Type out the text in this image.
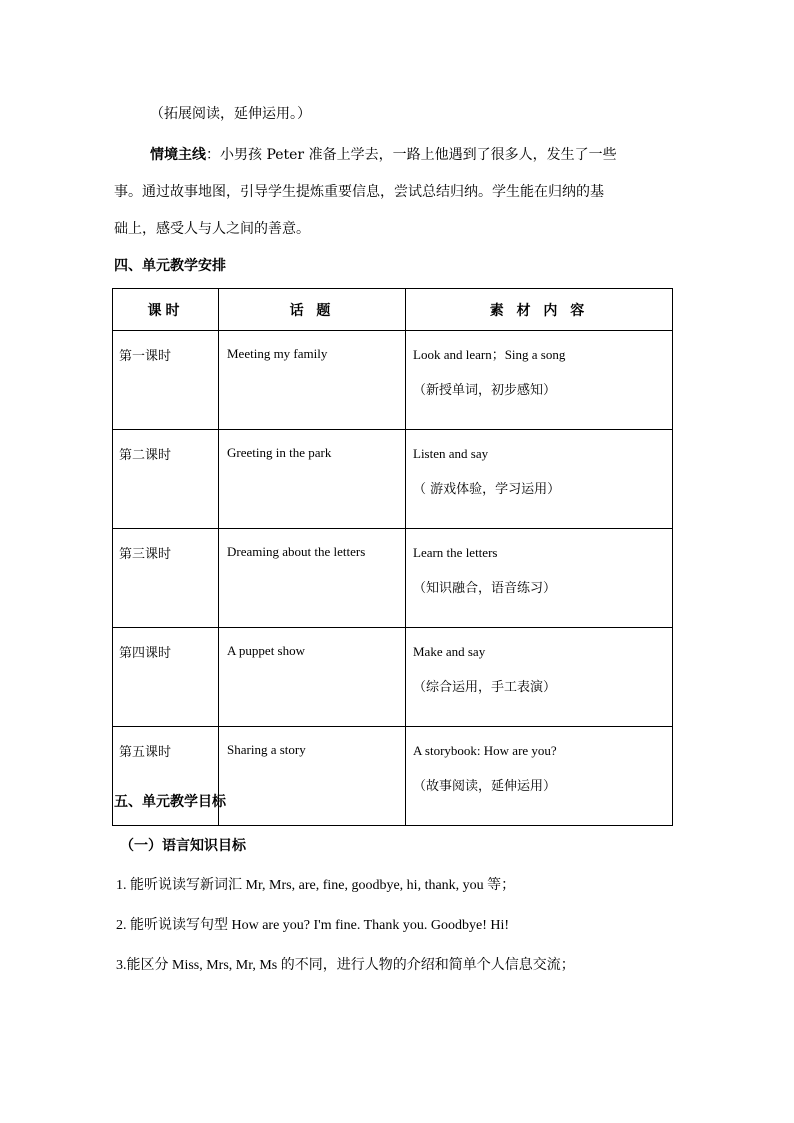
（拓展阅读，延伸运用。）
情境主线：小男孩 Peter 准备上学去，一路上他遇到了很多人，发生了一些
事。通过故事地图，引导学生提炼重要信息，尝试总结归纳。学生能在归纳的基
础上，感受人与人之间的善意。
四、单元教学安排
课时	话 题	素 材 内 容
第一课时	Meeting my family	Look and learn；Sing a song
（新授单词，初步感知）

第二课时	Greeting in the park	Listen and say
（ 游戏体验，学习运用）

第三课时	Dreaming about the letters	Learn the letters
（知识融合，语音练习）

第四课时	A puppet show	Make and say
（综合运用，手工表演）

第五课时	Sharing a story	A storybook: How are you?
（故事阅读，延伸运用）
五、单元教学目标
（一）语言知识目标
1. 能听说读写新词汇 Mr, Mrs, are, fine, goodbye, hi, thank, you 等；
2. 能听说读写句型 How are you? I'm fine. Thank you. Goodbye! Hi!
3.能区分 Miss, Mrs, Mr, Ms 的不同，进行人物的介绍和简单个人信息交流；
